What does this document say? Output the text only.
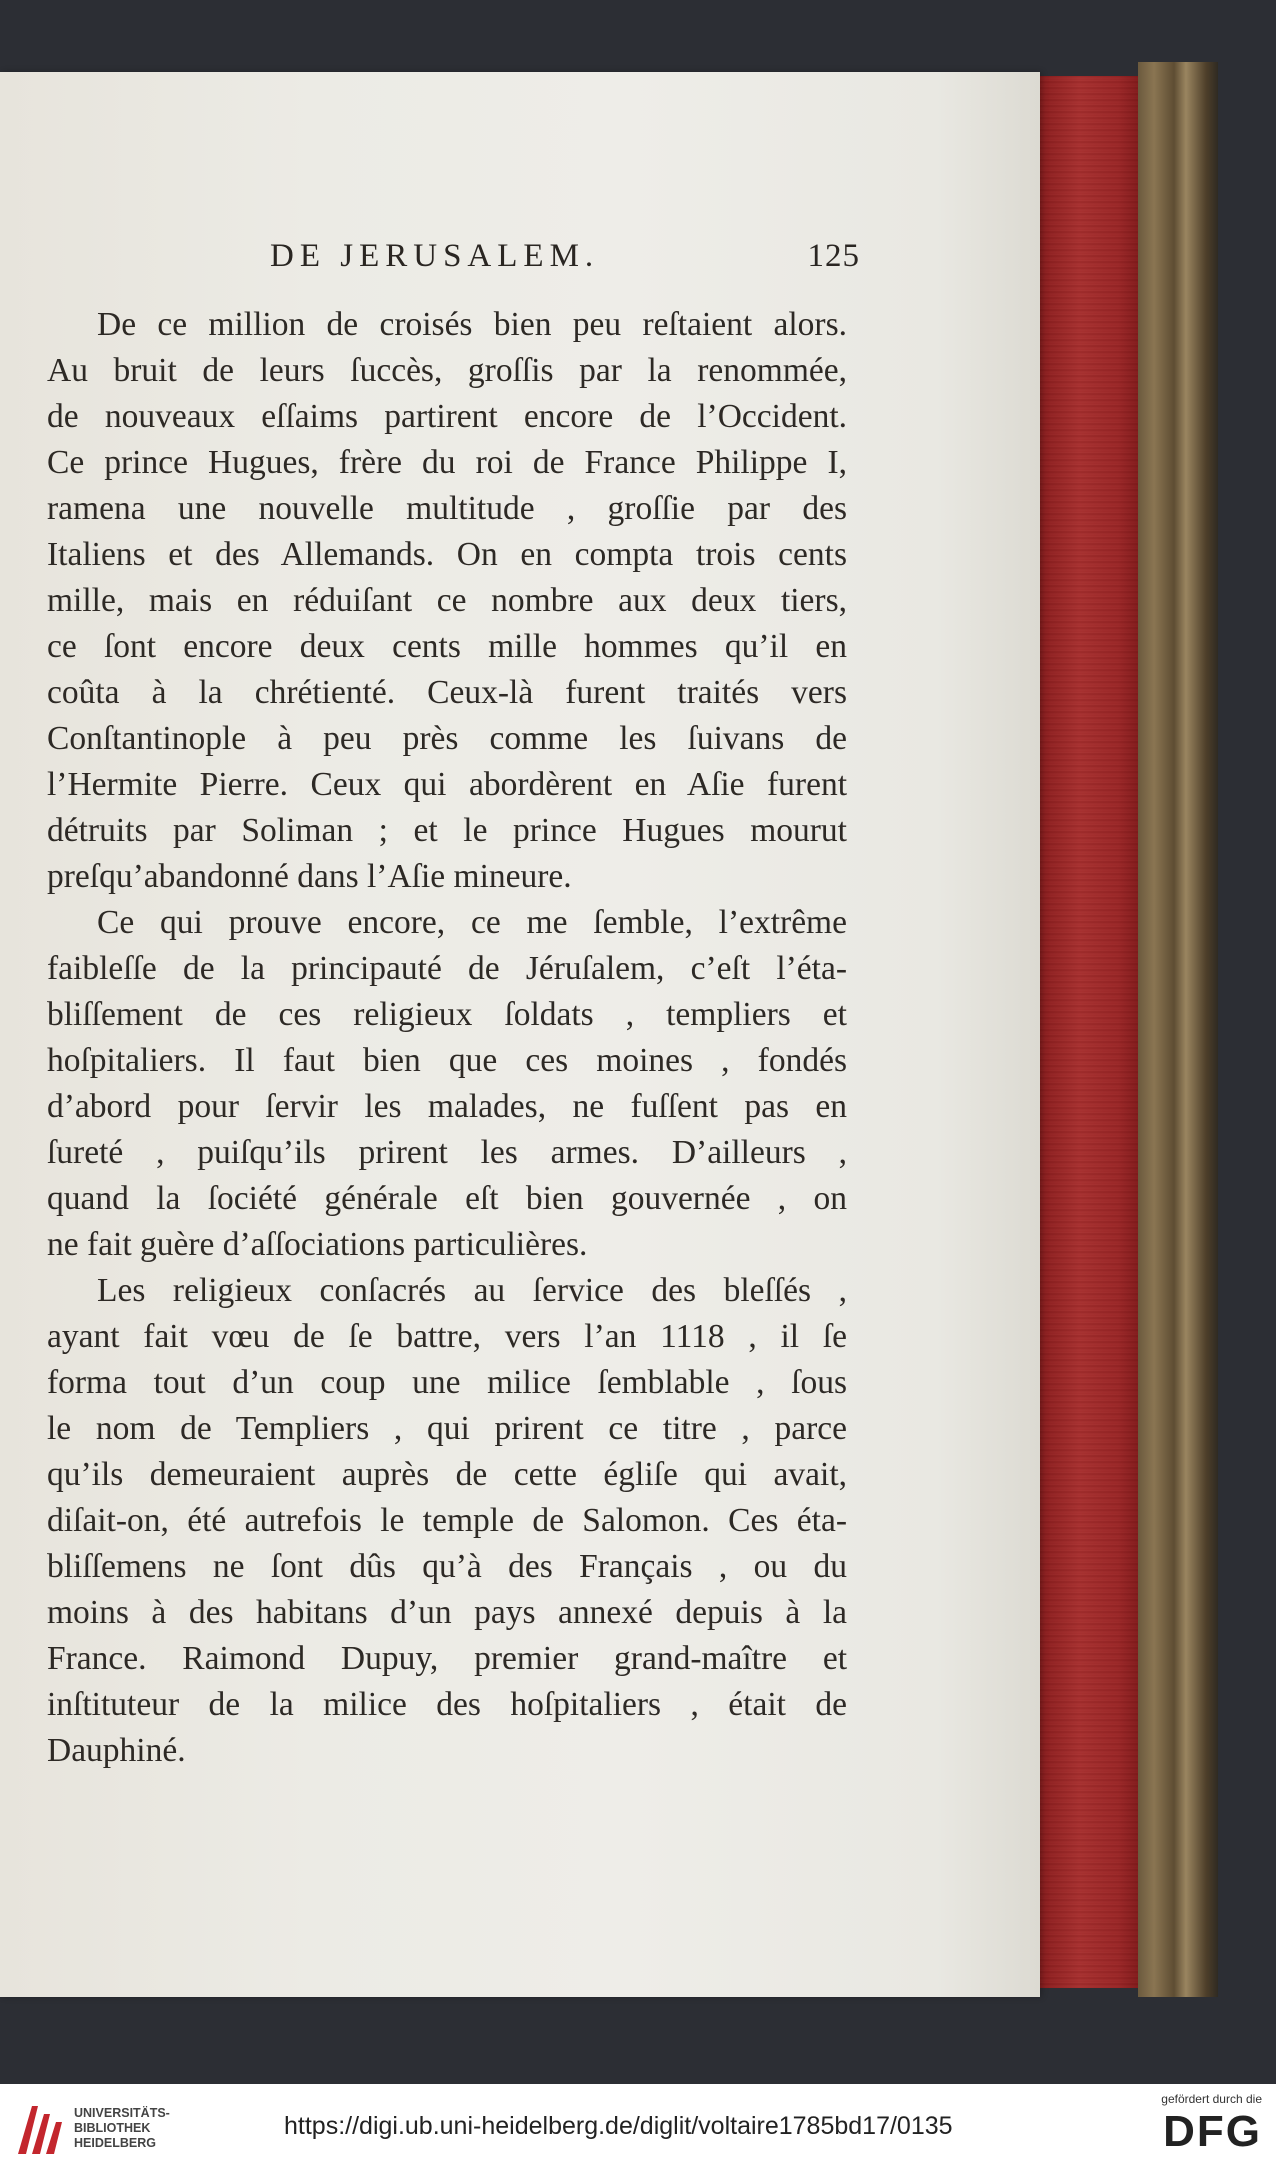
DE JERUSALEM.	125
De ce million de croisés bien peu reſtaient alors.
Au bruit de leurs ſuccès, groſſis par la renommée,
de nouveaux eſſaims partirent encore de l’Occident.
Ce prince Hugues, frère du roi de France Philippe I,
ramena une nouvelle multitude , groſſie par des
Italiens et des Allemands. On en compta trois cents
mille, mais en réduiſant ce nombre aux deux tiers,
ce ſont encore deux cents mille hommes qu’il en
coûta à la chrétienté. Ceux-là furent traités vers
Conſtantinople à peu près comme les ſuivans de
l’Hermite Pierre. Ceux qui abordèrent en Aſie furent
détruits par Soliman ; et le prince Hugues mourut
preſqu’abandonné dans l’Aſie mineure.
Ce qui prouve encore, ce me ſemble, l’extrême
faibleſſe de la principauté de Jéruſalem, c’eſt l’éta-
bliſſement de ces religieux ſoldats , templiers et
hoſpitaliers. Il faut bien que ces moines , fondés
d’abord pour ſervir les malades, ne fuſſent pas en
ſureté , puiſqu’ils prirent les armes. D’ailleurs ,
quand la ſociété générale eſt bien gouvernée , on
ne fait guère d’aſſociations particulières.
Les religieux conſacrés au ſervice des bleſſés ,
ayant fait vœu de ſe battre, vers l’an 1118 , il ſe
forma tout d’un coup une milice ſemblable , ſous
le nom de Templiers , qui prirent ce titre , parce
qu’ils demeuraient auprès de cette égliſe qui avait,
diſait-on, été autrefois le temple de Salomon. Ces éta-
bliſſemens ne ſont dûs qu’à des Français , ou du
moins à des habitans d’un pays annexé depuis à la
France. Raimond Dupuy, premier grand-maître et
inſtituteur de la milice des hoſpitaliers , était de
Dauphiné.
UNIVERSITÄTS-
BIBLIOTHEK
HEIDELBERG
https://digi.ub.uni-heidelberg.de/diglit/voltaire1785bd17/0135
gefördert durch die
DFG
